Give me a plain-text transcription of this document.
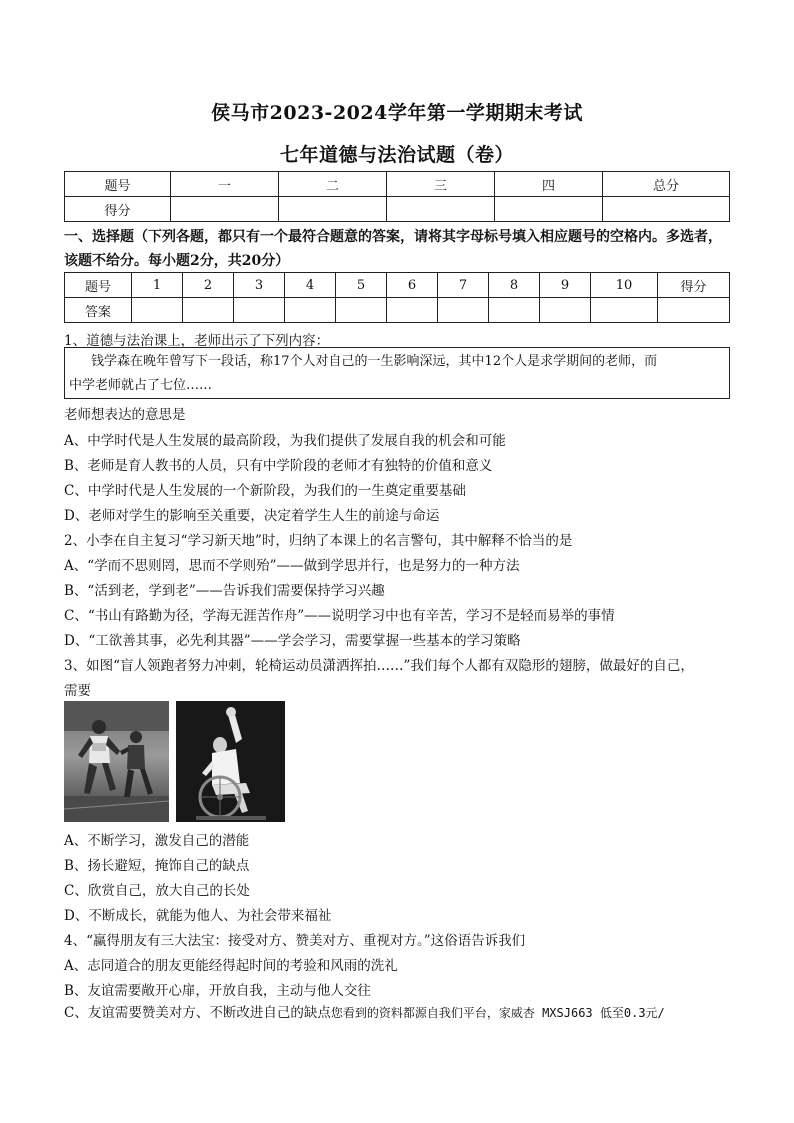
侯马市2023-2024学年第一学期期末考试
七年道德与法治试题（卷）
题号	一	二	三	四	总分
得分					
一、选择题（下列各题，都只有一个最符合题意的答案，请将其字母标号填入相应题号的空格内。多选者，该题不给分。每小题2分，共20分）
题号	1	2	3	4	5	6	7	8	9	10	得分
答案											
1、道德与法治课上，老师出示了下列内容：
钱学森在晚年曾写下一段话，称17个人对自己的一生影响深远，其中12个人是求学期间的老师，而
中学老师就占了七位……
老师想表达的意思是
A、中学时代是人生发展的最高阶段，为我们提供了发展自我的机会和可能
B、老师是育人教书的人员，只有中学阶段的老师才有独特的价值和意义
C、中学时代是人生发展的一个新阶段，为我们的一生奠定重要基础
D、老师对学生的影响至关重要，决定着学生人生的前途与命运
2、小李在自主复习“学习新天地”时，归纳了本课上的名言警句，其中解释不恰当的是
A、“学而不思则罔，思而不学则殆”——做到学思并行，也是努力的一种方法
B、“活到老，学到老”——告诉我们需要保持学习兴趣
C、“书山有路勤为径，学海无涯苦作舟”——说明学习中也有辛苦，学习不是轻而易举的事情
D、“工欲善其事，必先利其器”——学会学习，需要掌握一些基本的学习策略
3、如图“盲人领跑者努力冲刺，轮椅运动员潇洒挥拍……”我们每个人都有双隐形的翅膀，做最好的自己，
需要
A、不断学习，激发自己的潜能
B、扬长避短，掩饰自己的缺点
C、欣赏自己，放大自己的长处
D、不断成长，就能为他人、为社会带来福祉
4、“赢得朋友有三大法宝：接受对方、赞美对方、重视对方。”这俗语告诉我们
A、志同道合的朋友更能经得起时间的考验和风雨的洗礼
B、友谊需要敞开心扉，开放自我，主动与他人交往
C、友谊需要赞美对方、不断改进自己的缺点您看到的资料都源自我们平台，家威杏 MXSJ663 低至0.3元/
